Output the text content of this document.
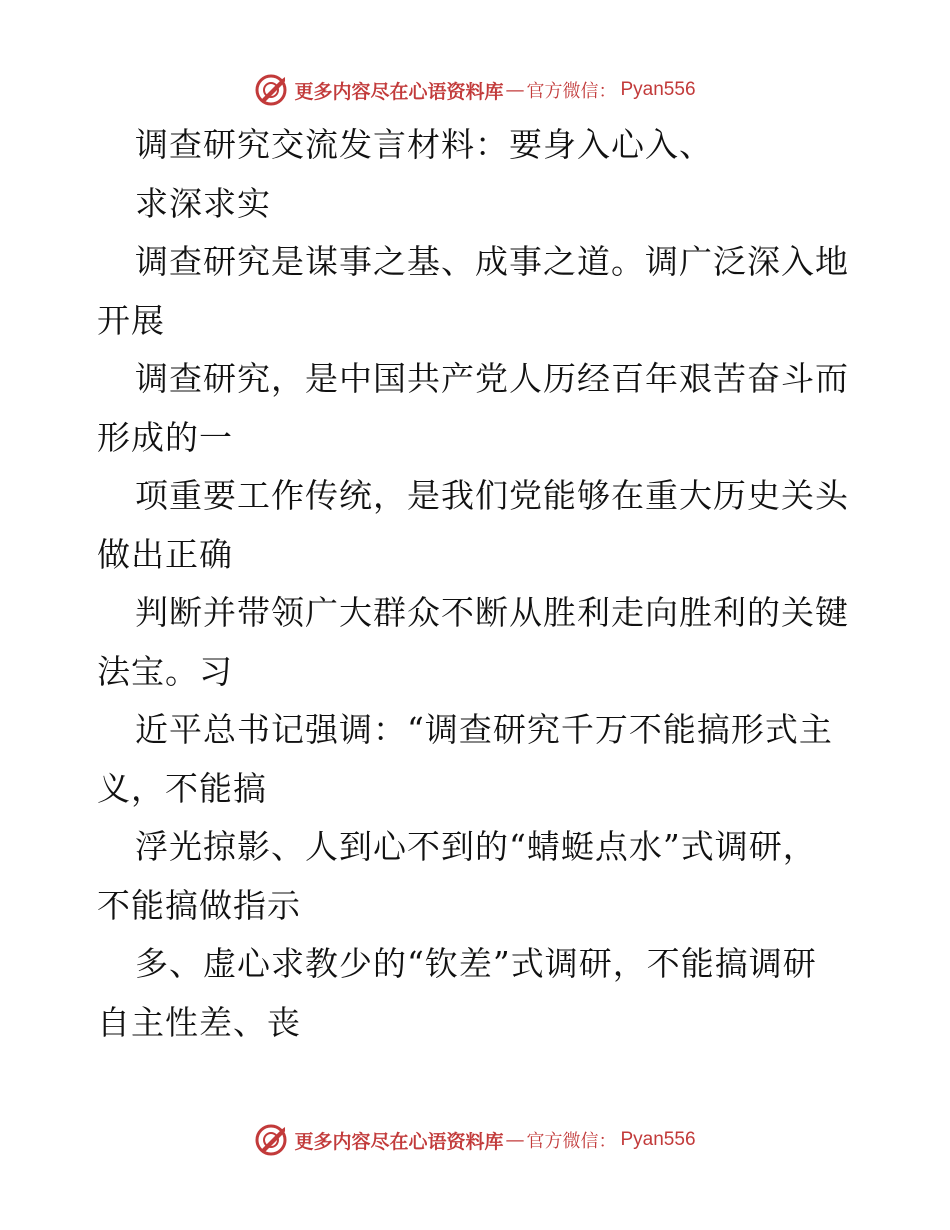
更多内容尽在心语资料库 — 官方微信： Pyan556
调查研究交流发言材料：要身入心入、
求深求实
调查研究是谋事之基、成事之道。调广泛深入地
开展
调查研究，是中国共产党人历经百年艰苦奋斗而
形成的一
项重要工作传统，是我们党能够在重大历史关头
做出正确
判断并带领广大群众不断从胜利走向胜利的关键
法宝。习
近平总书记强调：“调查研究千万不能搞形式主
义，不能搞
浮光掠影、人到心不到的“蜻蜓点水”式调研，
不能搞做指示
多、虚心求教少的“钦差”式调研，不能搞调研
自主性差、丧
更多内容尽在心语资料库 — 官方微信： Pyan556
